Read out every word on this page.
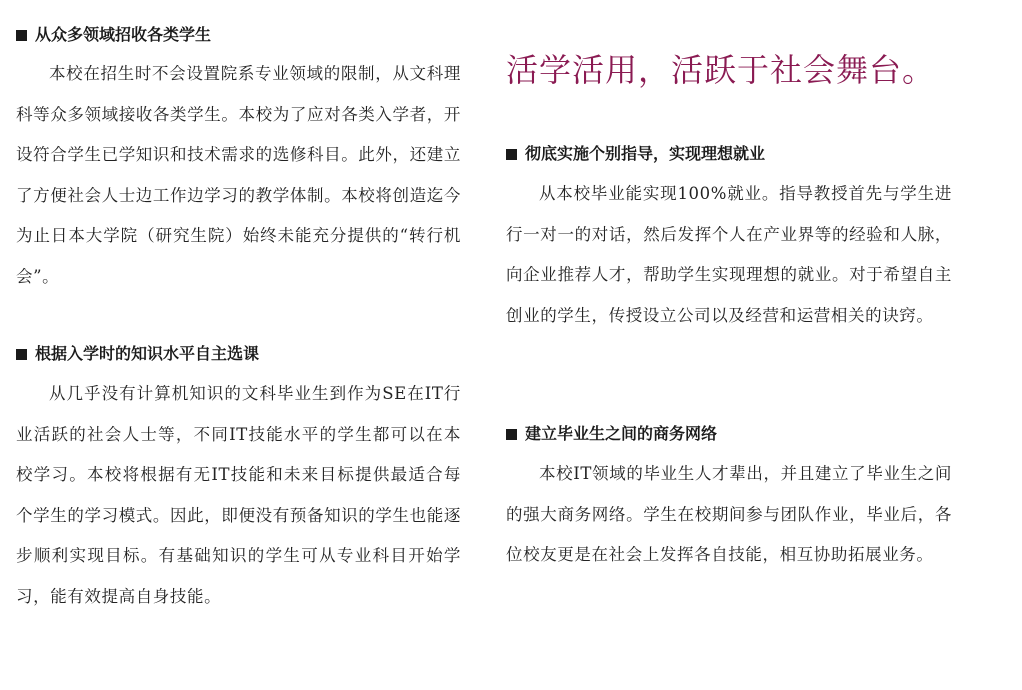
从众多领域招收各类学生

本校在招生时不会设置院系专业领域的限制，从文科理科等众多领域接收各类学生。本校为了应对各类入学者，开设符合学生已学知识和技术需求的选修科目。此外，还建立了方便社会人士边工作边学习的教学体制。本校将创造迄今为止日本大学院（研究生院）始终未能充分提供的“转行机会”。

根据入学时的知识水平自主选课

从几乎没有计算机知识的文科毕业生到作为SE在IT行业活跃的社会人士等，不同IT技能水平的学生都可以在本校学习。本校将根据有无IT技能和未来目标提供最适合每个学生的学习模式。因此，即便没有预备知识的学生也能逐步顺利实现目标。有基础知识的学生可从专业科目开始学习，能有效提高自身技能。

活学活用，活跃于社会舞台。
彻底实施个别指导，实现理想就业

从本校毕业能实现100%就业。指导教授首先与学生进行一对一的对话，然后发挥个人在产业界等的经验和人脉，向企业推荐人才，帮助学生实现理想的就业。对于希望自主创业的学生，传授设立公司以及经营和运营相关的诀窍。

建立毕业生之间的商务网络

本校IT领域的毕业生人才辈出，并且建立了毕业生之间的强大商务网络。学生在校期间参与团队作业，毕业后，各位校友更是在社会上发挥各自技能，相互协助拓展业务。
